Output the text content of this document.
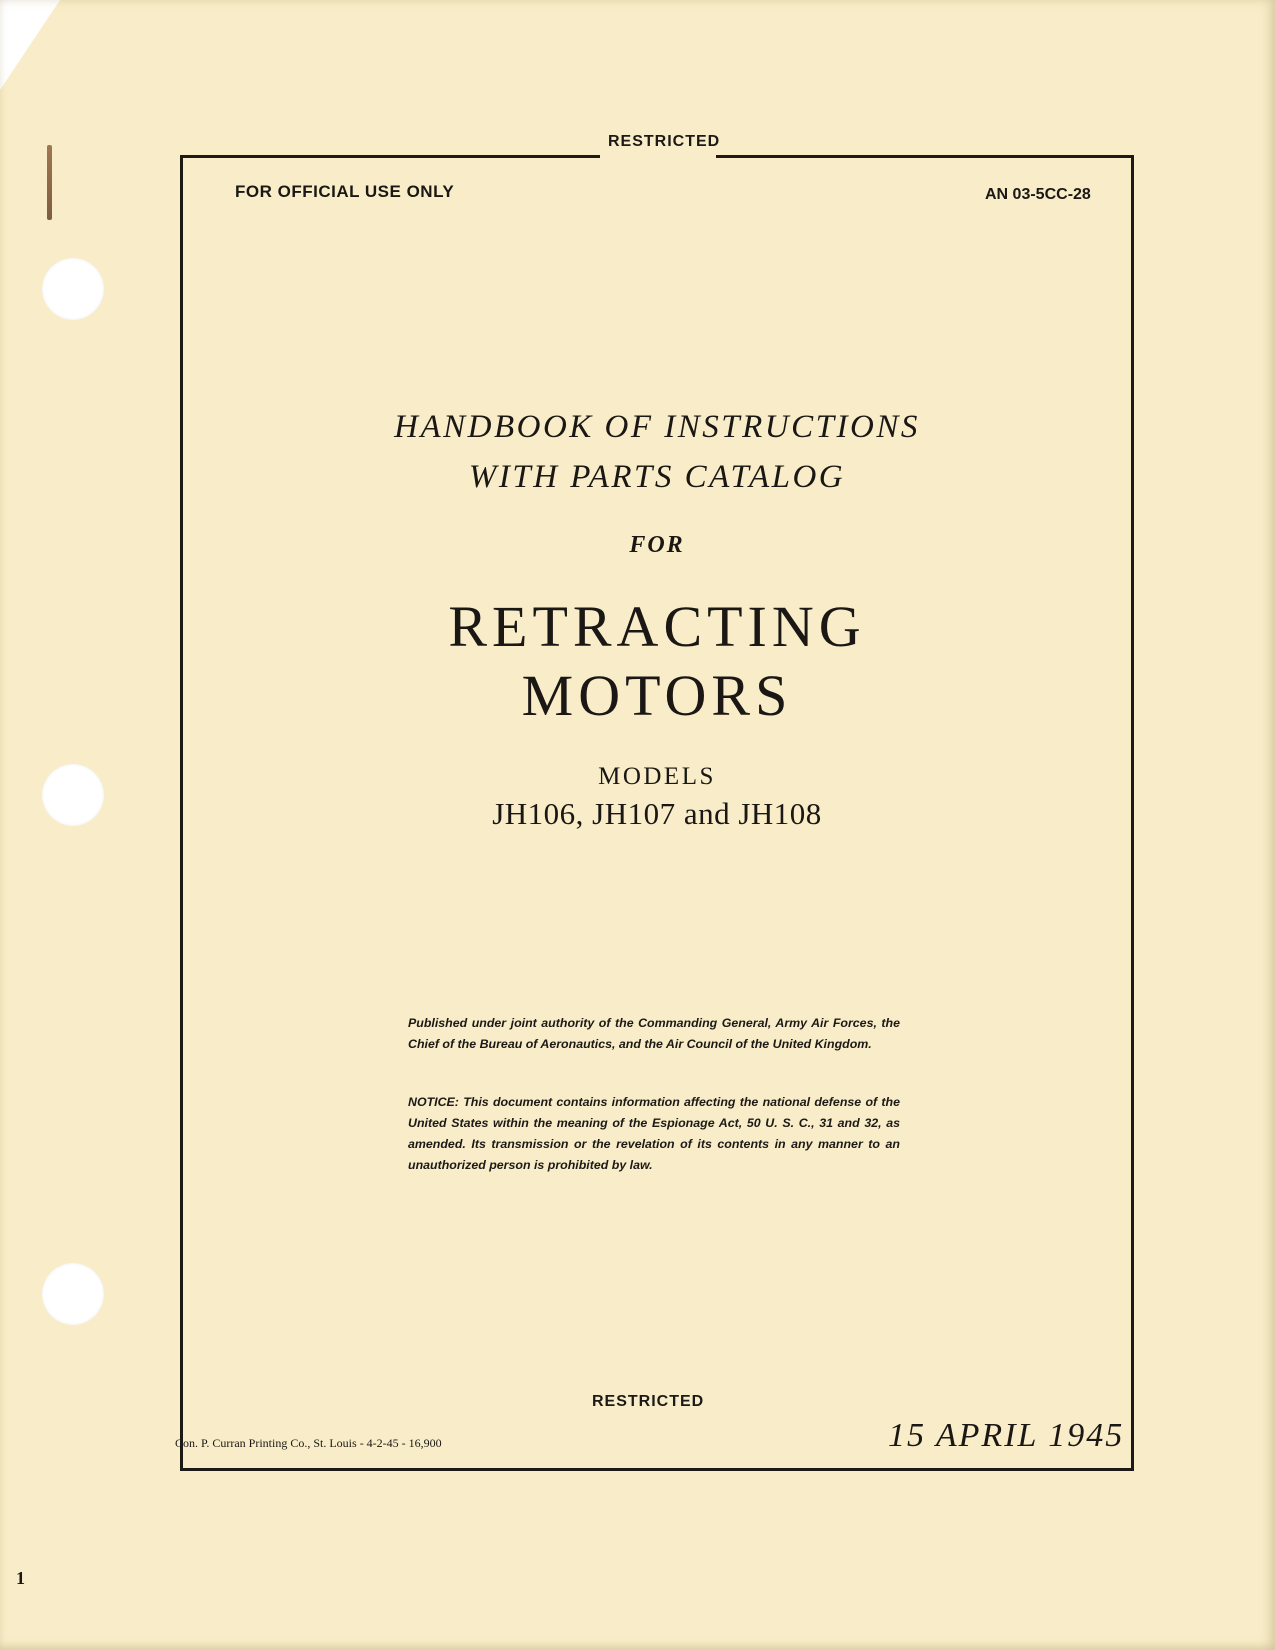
RESTRICTED
FOR OFFICIAL USE ONLY	AN 03-5CC-28
HANDBOOK OF INSTRUCTIONS
WITH PARTS CATALOG
FOR
RETRACTING
MOTORS
MODELS
JH106, JH107 and JH108
Published under joint authority of the Commanding General, Army Air Forces, the Chief of the Bureau of Aeronautics, and the Air Council of the United Kingdom.
NOTICE: This document contains information affecting the national defense of the United States within the meaning of the Espionage Act, 50 U. S. C., 31 and 32, as amended. Its transmission or the revelation of its contents in any manner to an unauthorized person is prohibited by law.
RESTRICTED
Con. P. Curran Printing Co., St. Louis - 4-2-45 - 16,900	15 APRIL 1945
1
